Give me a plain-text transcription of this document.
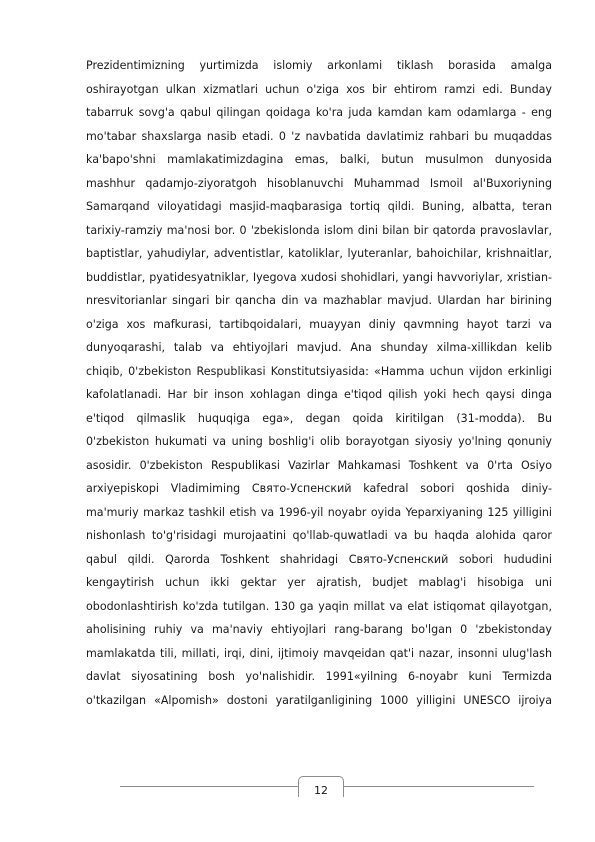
Prezidentimizning yurtimizda islomiy arkonlami tiklash borasida amalga
oshirayotgan ulkan xizmatlari uchun o'ziga xos bir ehtirom ramzi edi. Bunday
tabarruk sovg'a qabul qilingan qoidaga ko'ra juda kamdan kam odamlarga - eng
mo'tabar shaxslarga nasib etadi. 0 'z navbatida davlatimiz rahbari bu muqaddas
ka'bapo'shni mamlakatimizdagina emas, balki, butun musulmon dunyosida
mashhur qadamjo-ziyoratgoh hisoblanuvchi Muhammad Ismoil al'Buxoriyning
Samarqand viloyatidagi masjid-maqbarasiga tortiq qildi. Buning, albatta, teran
tarixiy-ramziy ma'nosi bor. 0 'zbekislonda islom dini bilan bir qatorda pravoslavlar,
baptistlar, yahudiylar, adventistlar, katoliklar, lyuteranlar, bahoichilar, krishnaitlar,
buddistlar, pyatidesyatniklar, Iyegova xudosi shohidlari, yangi havvoriylar, xristian-
nresvitorianlar singari bir qancha din va mazhablar mavjud. Ulardan har birining
o'ziga xos mafkurasi, tartibqoidalari, muayyan diniy qavmning hayot tarzi va
dunyoqarashi, talab va ehtiyojlari mavjud. Ana shunday xilma-xillikdan kelib
chiqib, 0'zbekiston Respublikasi Konstitutsiyasida: «Hamma uchun vijdon erkinligi
kafolatlanadi. Har bir inson xohlagan dinga e'tiqod qilish yoki hech qaysi dinga
e'tiqod qilmaslik huquqiga ega», degan qoida kiritilgan (31-modda). Bu
0'zbekiston hukumati va uning boshlig'i olib borayotgan siyosiy yo'lning qonuniy
asosidir. 0'zbekiston Respublikasi Vazirlar Mahkamasi Toshkent va 0'rta Osiyo
arxiyepiskopi Vladimiming Свято-Успенский kafedral sobori qoshida diniy-
ma'muriy markaz tashkil etish va 1996-yil noyabr oyida Yeparxiyaning 125 yilligini
nishonlash to'g'risidagi murojaatini qo'llab-quwatladi va bu haqda alohida qaror
qabul qildi. Qarorda Toshkent shahridagi Свято-Успенский sobori hududini
kengaytirish uchun ikki gektar yer ajratish, budjet mablag'i hisobiga uni
obodonlashtirish ko'zda tutilgan. 130 ga yaqin millat va elat istiqomat qilayotgan,
aholisining ruhiy va ma'naviy ehtiyojlari rang-barang bo'lgan 0 'zbekistonday
mamlakatda tili, millati, irqi, dini, ijtimoiy mavqeidan qat'i nazar, insonni ulug'lash
davlat siyosatining bosh yo'nalishidir. 1991«yilning 6-noyabr kuni Termizda
o'tkazilgan «Alpomish» dostoni yaratilganligining 1000 yilligini UNESCO ijroiya
12
